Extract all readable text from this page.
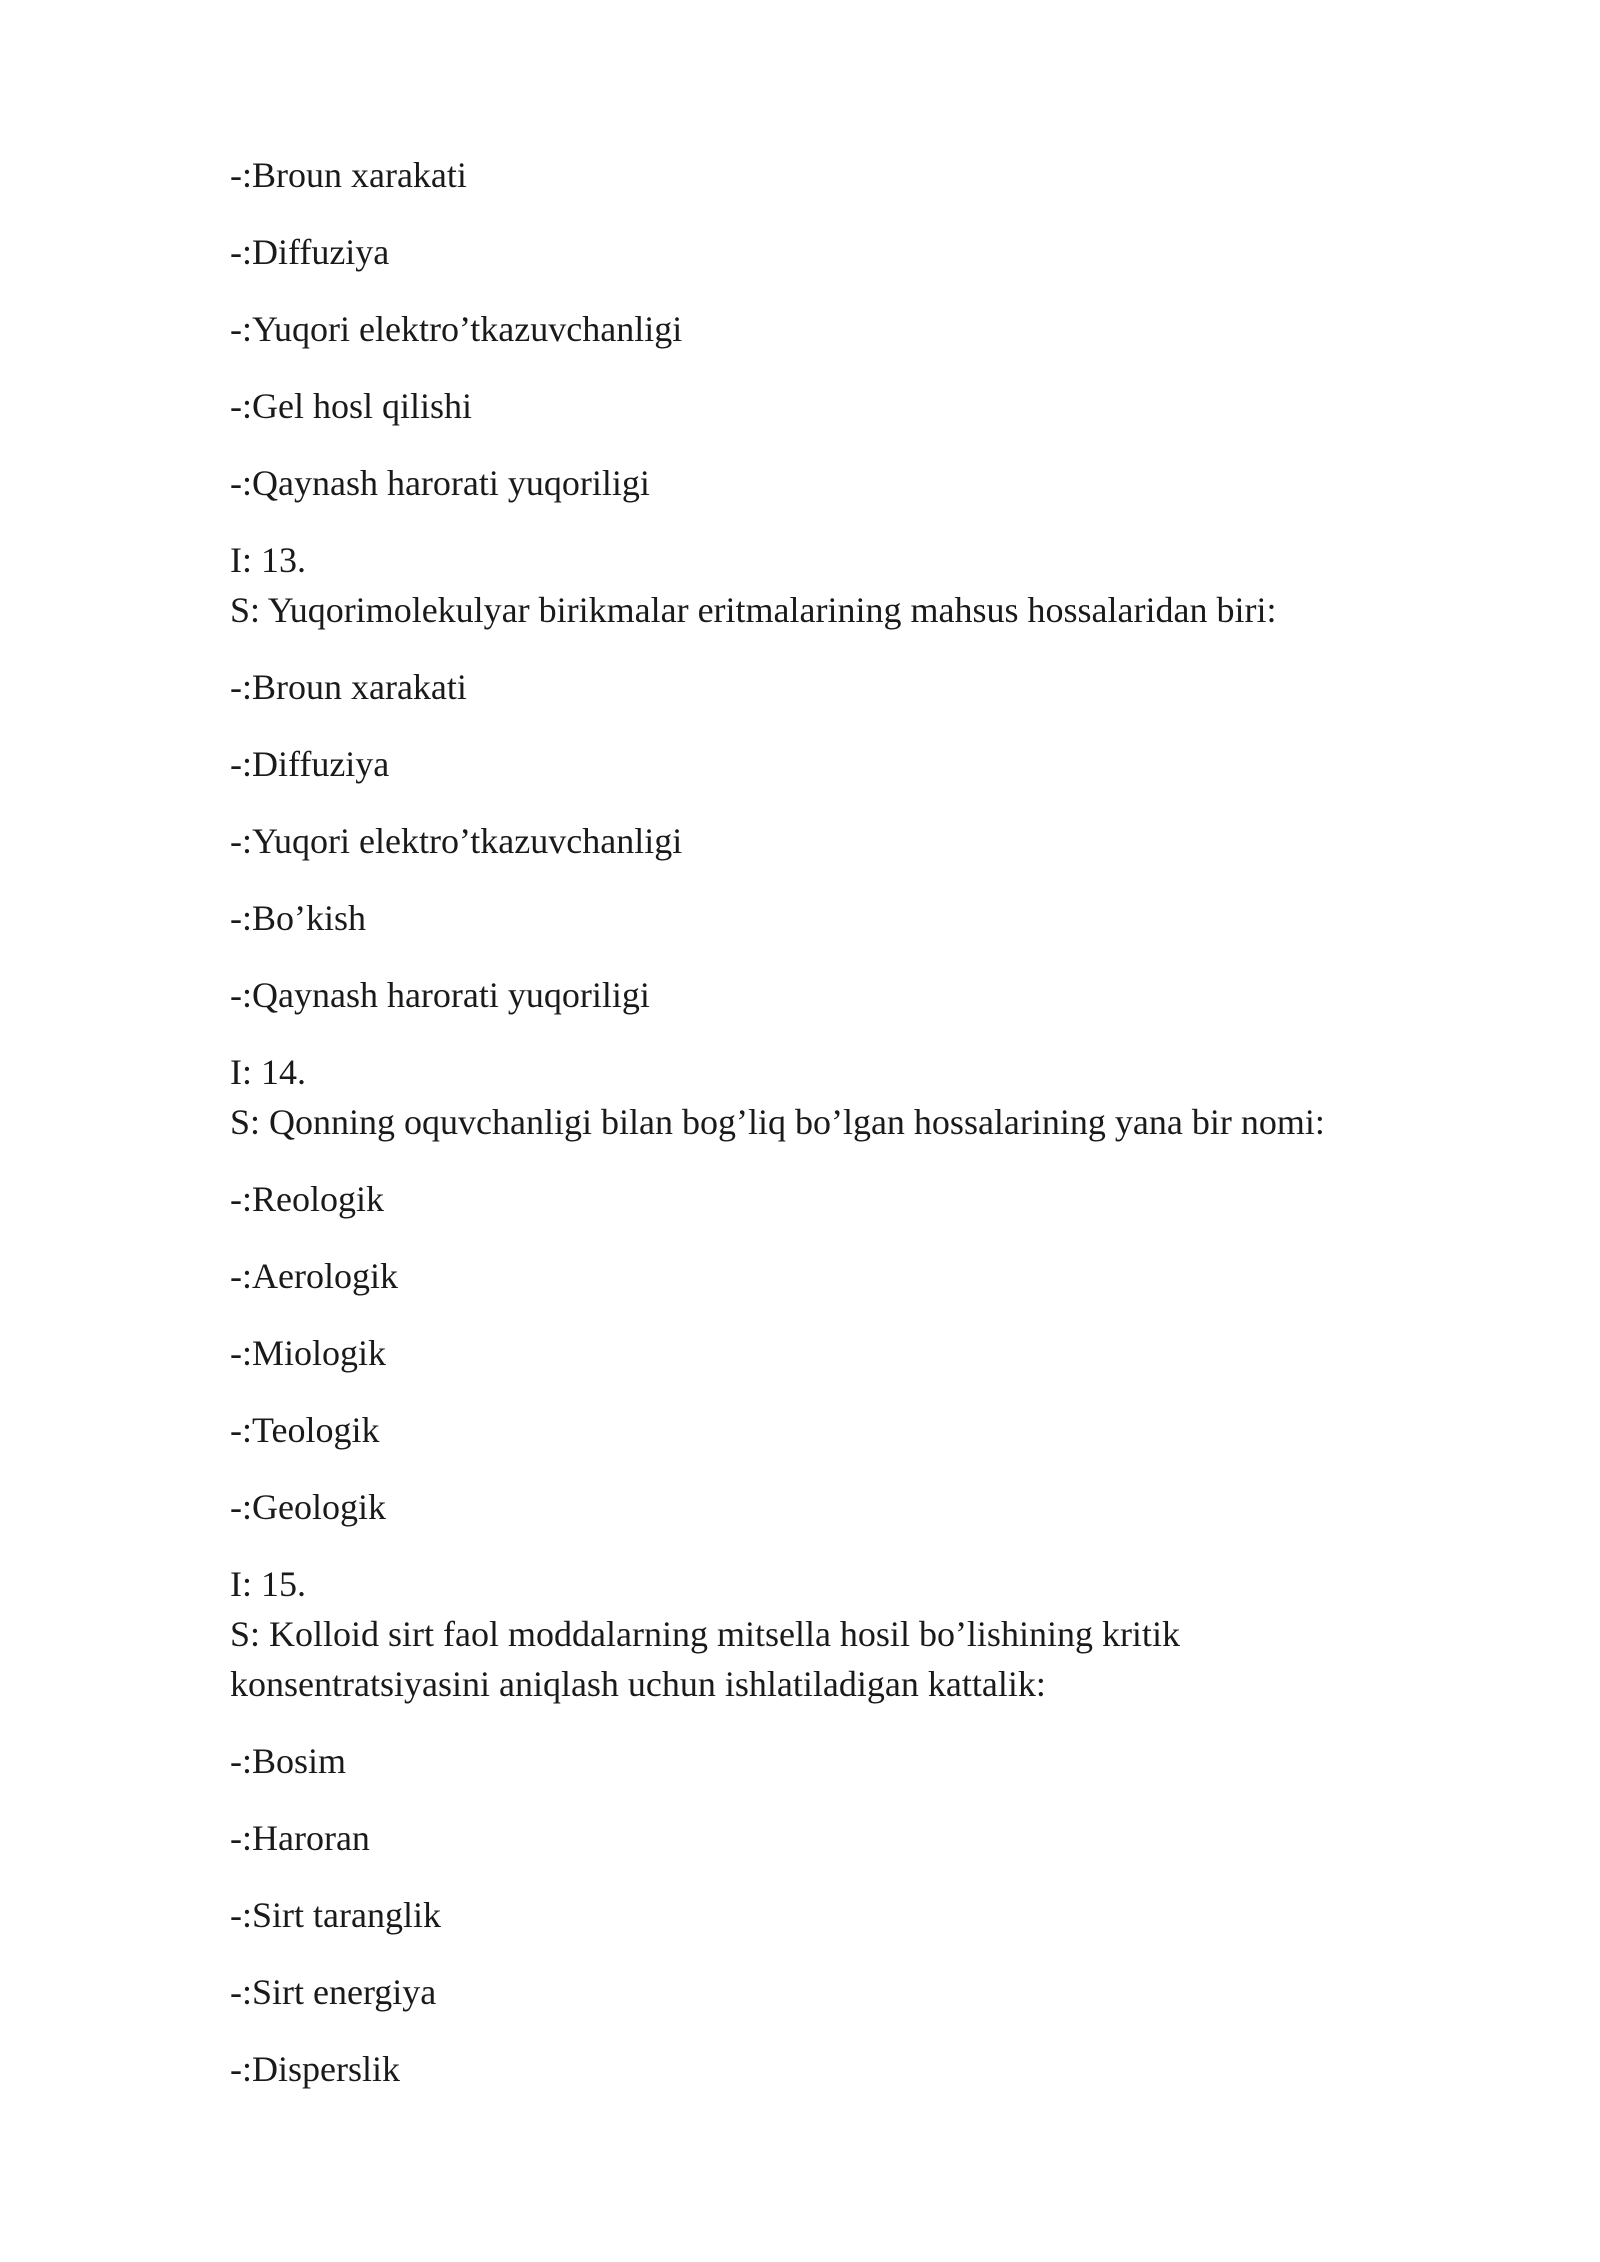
-:Broun xarakati

-:Diffuziya

-:Yuqori elektro’tkazuvchanligi

-:Gel hosl qilishi

-:Qaynash harorati yuqoriligi

I: 13.

S: Yuqorimolekulyar birikmalar eritmalarining mahsus hossalaridan biri:

-:Broun xarakati

-:Diffuziya

-:Yuqori elektro’tkazuvchanligi

-:Bo’kish

-:Qaynash harorati yuqoriligi

I: 14.

S: Qonning oquvchanligi bilan bog’liq bo’lgan hossalarining yana bir nomi:

-:Reologik

-:Aerologik

-:Miologik

-:Teologik

-:Geologik

I: 15.

S: Kolloid sirt faol moddalarning mitsella hosil bo’lishining kritik

konsentratsiyasini aniqlash uchun ishlatiladigan kattalik:

-:Bosim

-:Haroran

-:Sirt taranglik

-:Sirt energiya

-:Disperslik
